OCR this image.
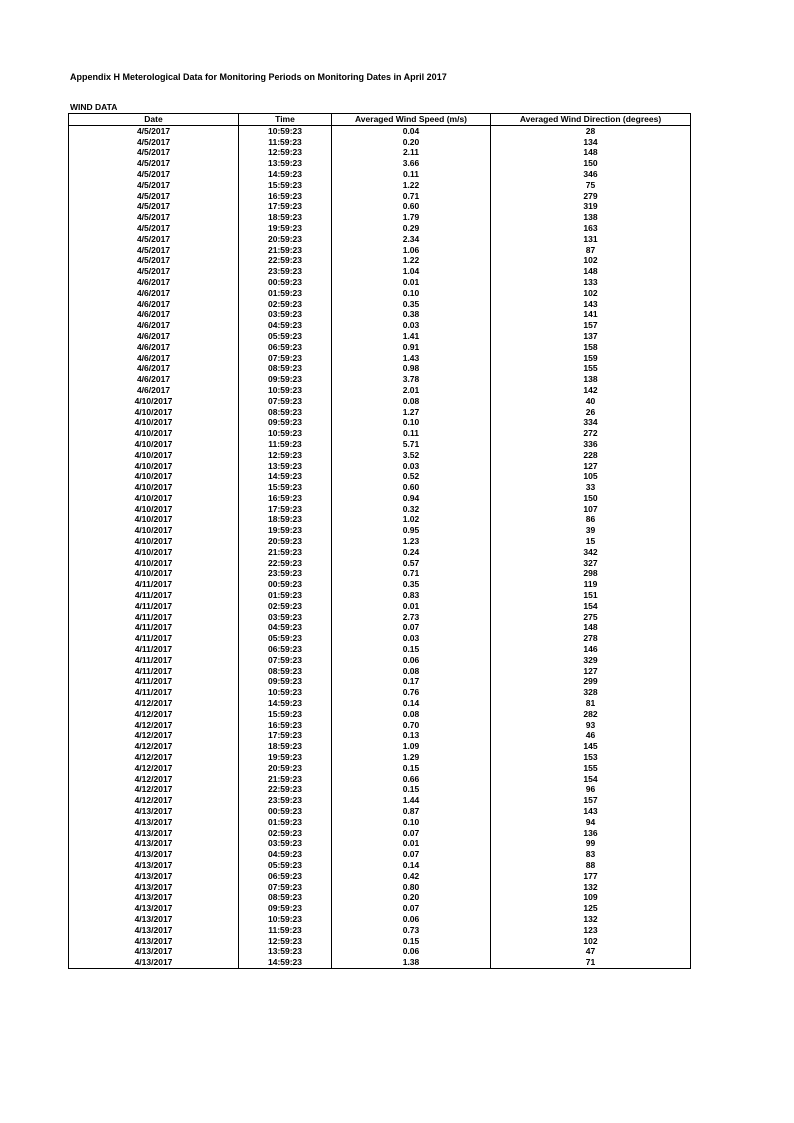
Appendix H Meterological Data for Monitoring Periods on Monitoring Dates in April 2017
WIND DATA
Date	Time	Averaged Wind Speed (m/s)	Averaged Wind Direction (degrees)
4/5/2017	10:59:23	0.04	28
4/5/2017	11:59:23	0.20	134
4/5/2017	12:59:23	2.11	148
4/5/2017	13:59:23	3.66	150
4/5/2017	14:59:23	0.11	346
4/5/2017	15:59:23	1.22	75
4/5/2017	16:59:23	0.71	279
4/5/2017	17:59:23	0.60	319
4/5/2017	18:59:23	1.79	138
4/5/2017	19:59:23	0.29	163
4/5/2017	20:59:23	2.34	131
4/5/2017	21:59:23	1.06	87
4/5/2017	22:59:23	1.22	102
4/5/2017	23:59:23	1.04	148
4/6/2017	00:59:23	0.01	133
4/6/2017	01:59:23	0.10	102
4/6/2017	02:59:23	0.35	143
4/6/2017	03:59:23	0.38	141
4/6/2017	04:59:23	0.03	157
4/6/2017	05:59:23	1.41	137
4/6/2017	06:59:23	0.91	158
4/6/2017	07:59:23	1.43	159
4/6/2017	08:59:23	0.98	155
4/6/2017	09:59:23	3.78	138
4/6/2017	10:59:23	2.01	142
4/10/2017	07:59:23	0.08	40
4/10/2017	08:59:23	1.27	26
4/10/2017	09:59:23	0.10	334
4/10/2017	10:59:23	0.11	272
4/10/2017	11:59:23	5.71	336
4/10/2017	12:59:23	3.52	228
4/10/2017	13:59:23	0.03	127
4/10/2017	14:59:23	0.52	105
4/10/2017	15:59:23	0.60	33
4/10/2017	16:59:23	0.94	150
4/10/2017	17:59:23	0.32	107
4/10/2017	18:59:23	1.02	86
4/10/2017	19:59:23	0.95	39
4/10/2017	20:59:23	1.23	15
4/10/2017	21:59:23	0.24	342
4/10/2017	22:59:23	0.57	327
4/10/2017	23:59:23	0.71	298
4/11/2017	00:59:23	0.35	119
4/11/2017	01:59:23	0.83	151
4/11/2017	02:59:23	0.01	154
4/11/2017	03:59:23	2.73	275
4/11/2017	04:59:23	0.07	148
4/11/2017	05:59:23	0.03	278
4/11/2017	06:59:23	0.15	146
4/11/2017	07:59:23	0.06	329
4/11/2017	08:59:23	0.08	127
4/11/2017	09:59:23	0.17	299
4/11/2017	10:59:23	0.76	328
4/12/2017	14:59:23	0.14	81
4/12/2017	15:59:23	0.08	282
4/12/2017	16:59:23	0.70	93
4/12/2017	17:59:23	0.13	46
4/12/2017	18:59:23	1.09	145
4/12/2017	19:59:23	1.29	153
4/12/2017	20:59:23	0.15	155
4/12/2017	21:59:23	0.66	154
4/12/2017	22:59:23	0.15	96
4/12/2017	23:59:23	1.44	157
4/13/2017	00:59:23	0.87	143
4/13/2017	01:59:23	0.10	94
4/13/2017	02:59:23	0.07	136
4/13/2017	03:59:23	0.01	99
4/13/2017	04:59:23	0.07	83
4/13/2017	05:59:23	0.14	88
4/13/2017	06:59:23	0.42	177
4/13/2017	07:59:23	0.80	132
4/13/2017	08:59:23	0.20	109
4/13/2017	09:59:23	0.07	125
4/13/2017	10:59:23	0.06	132
4/13/2017	11:59:23	0.73	123
4/13/2017	12:59:23	0.15	102
4/13/2017	13:59:23	0.06	47
4/13/2017	14:59:23	1.38	71
